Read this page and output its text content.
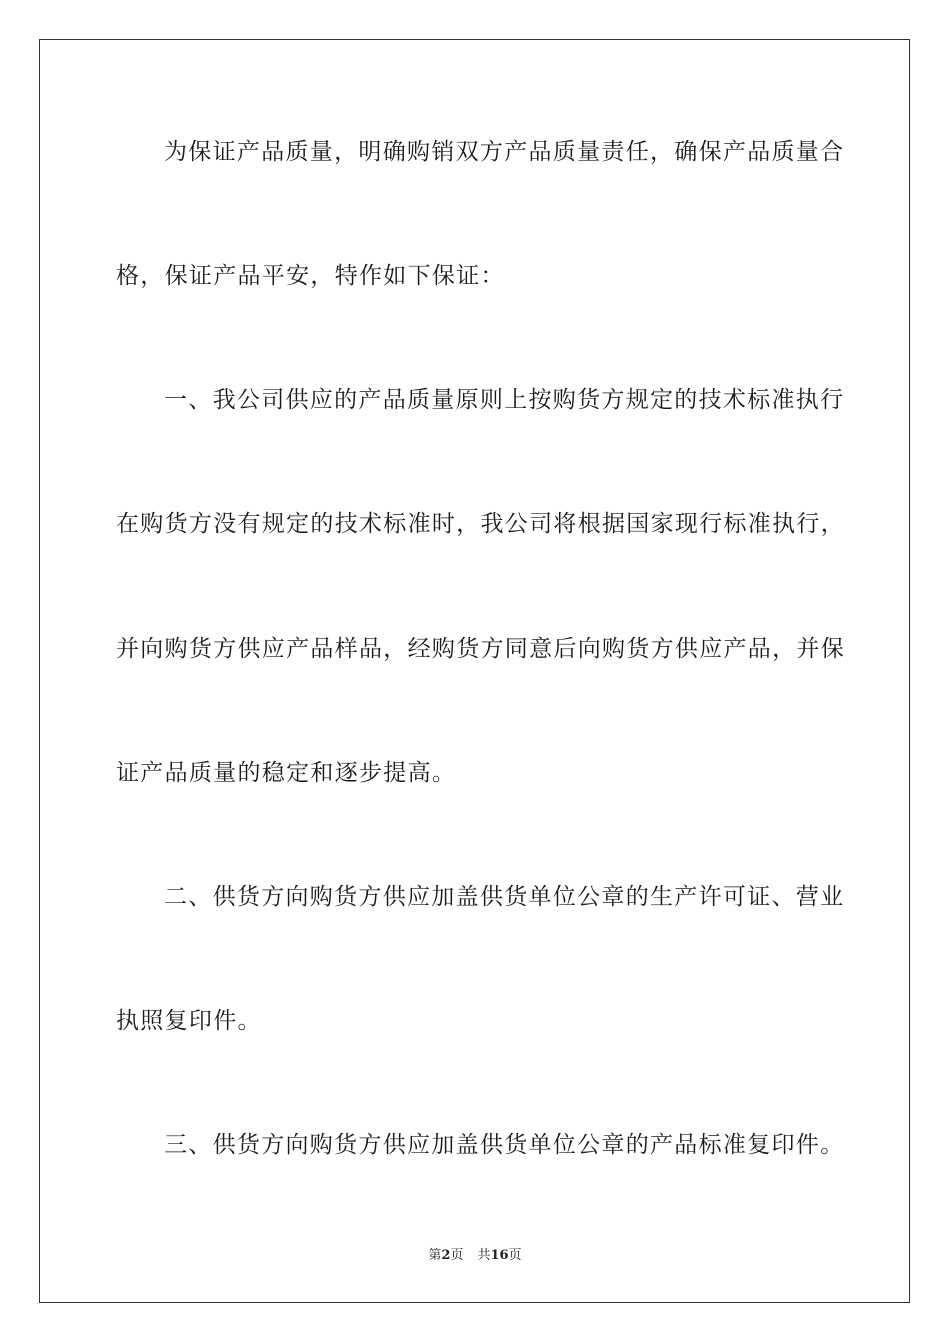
为保证产品质量，明确购销双方产品质量责任，确保产品质量合
格，保证产品平安，特作如下保证：
一、我公司供应的产品质量原则上按购货方规定的技术标准执行
在购货方没有规定的技术标准时，我公司将根据国家现行标准执行，
并向购货方供应产品样品，经购货方同意后向购货方供应产品，并保
证产品质量的稳定和逐步提高。
二、供货方向购货方供应加盖供货单位公章的生产许可证、营业
执照复印件。
三、供货方向购货方供应加盖供货单位公章的产品标准复印件。
第2页 共16页
